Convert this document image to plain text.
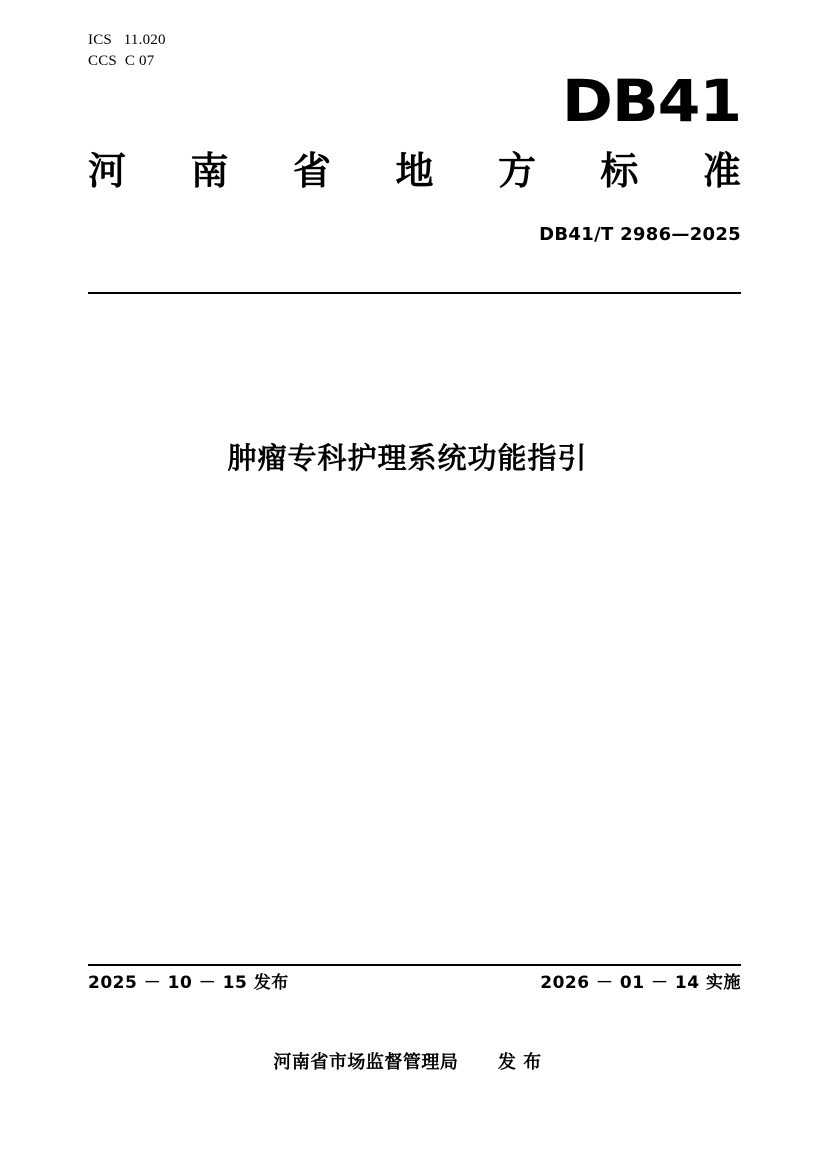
ICS   11.020
CCS  C 07
DB41
河 南 省 地 方 标 准
DB41/T 2986—2025
肿瘤专科护理系统功能指引
2025 － 10 － 15 发布	2026 － 01 － 14 实施
河南省市场监督管理局 发 布
